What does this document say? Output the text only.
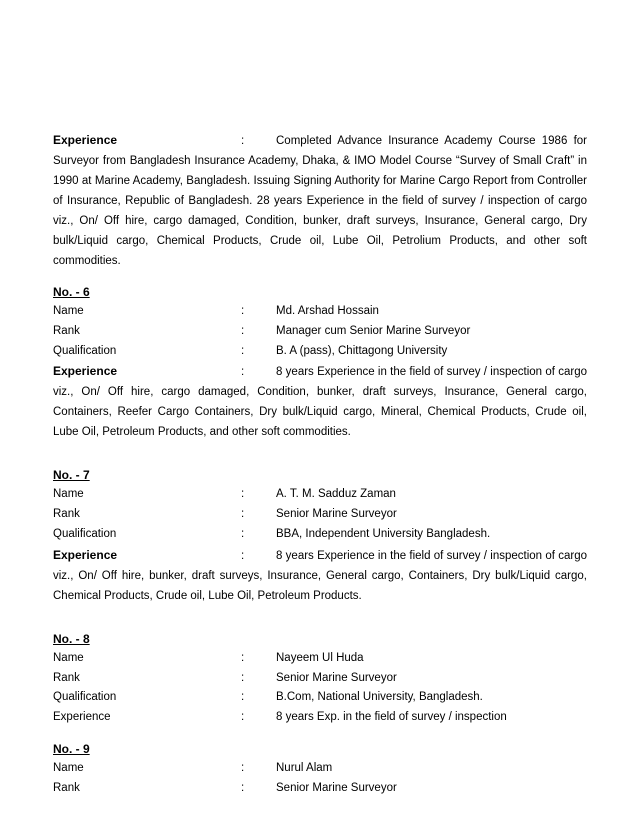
Experience	:	Completed Advance Insurance Academy Course 1986 for Surveyor from Bangladesh Insurance Academy, Dhaka, & IMO Model Course “Survey of Small Craft” in 1990 at Marine Academy, Bangladesh. Issuing Signing Authority for Marine Cargo Report from Controller of Insurance, Republic of Bangladesh. 28 years Experience in the field of survey / inspection of cargo viz., On/ Off hire, cargo damaged, Condition, bunker, draft surveys, Insurance, General cargo, Dry bulk/Liquid cargo, Chemical Products, Crude oil, Lube Oil, Petrolium Products, and other soft commodities.
No. - 6
Name	:	Md. Arshad Hossain
Rank	:	Manager cum Senior Marine Surveyor
Qualification	:	B. A (pass), Chittagong University
Experience	:	8 years Experience in the field of survey / inspection of cargo viz., On/ Off hire, cargo damaged, Condition, bunker, draft surveys, Insurance, General cargo, Containers, Reefer Cargo Containers, Dry bulk/Liquid cargo, Mineral, Chemical Products, Crude oil, Lube Oil, Petroleum Products, and other soft commodities.
No. - 7
Name	:	A. T. M. Sadduz Zaman
Rank	:	Senior Marine Surveyor
Qualification	:	BBA, Independent University Bangladesh.
Experience	:	8 years Experience in the field of survey / inspection of cargo viz., On/ Off hire, bunker, draft surveys, Insurance, General cargo, Containers, Dry bulk/Liquid cargo, Chemical Products, Crude oil, Lube Oil, Petroleum Products.
No. - 8
Name	:	Nayeem Ul Huda
Rank	:	Senior Marine Surveyor
Qualification	:	B.Com, National University, Bangladesh.
Experience	:	8 years Exp. in the field of survey / inspection
No. - 9
Name	:	Nurul Alam
Rank	:	Senior Marine Surveyor
